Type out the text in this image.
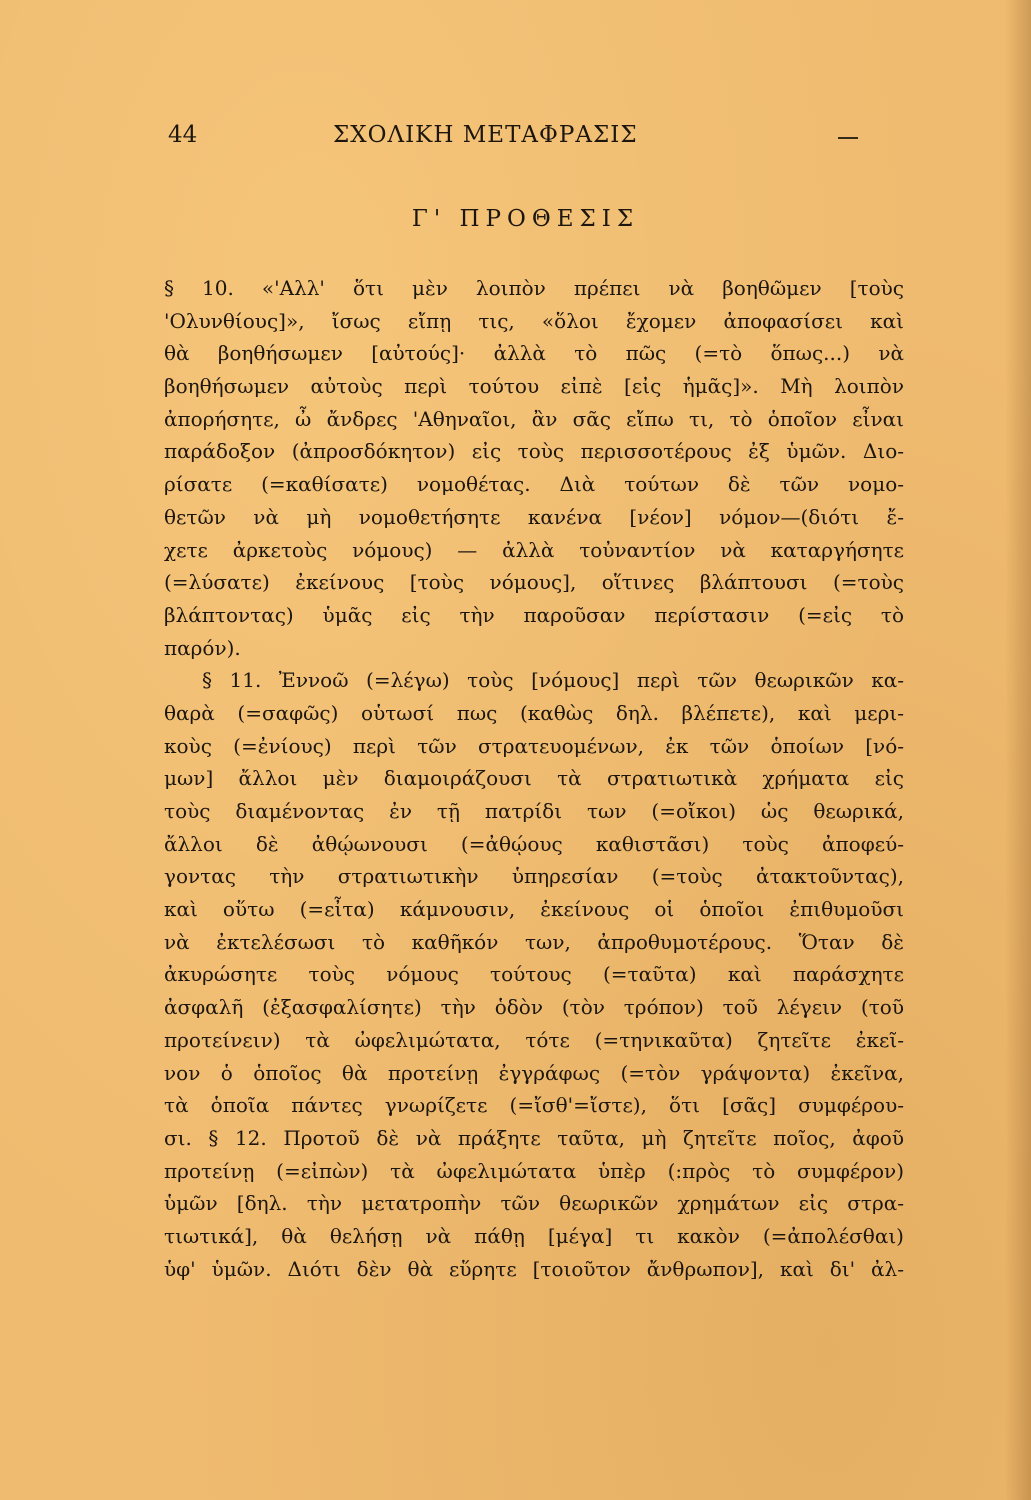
44	ΣΧΟΛΙΚΗ ΜΕΤΑΦΡΑΣΙΣ
Γ' ΠΡΟΘΕΣΙΣ
§ 10. «'Αλλ' ὅτι μὲν λοιπὸν πρέπει νὰ βοηθῶμεν [τοὺς
'Ολυνθίους]», ἴσως εἴπῃ τις, «ὅλοι ἔχομεν ἀποφασίσει καὶ
θὰ βοηθήσωμεν [αὐτούς]· ἀλλὰ τὸ πῶς (=τὸ ὅπως...) νὰ
βοηθήσωμεν αὐτοὺς περὶ τούτου εἰπὲ [εἰς ἡμᾶς]». Μὴ λοιπὸν
ἀπορήσητε, ὦ ἄνδρες 'Αθηναῖοι, ἂν σᾶς εἴπω τι, τὸ ὁποῖον εἶναι
παράδοξον (ἀπροσδόκητον) εἰς τοὺς περισσοτέρους ἐξ ὑμῶν. Διο-
ρίσατε (=καθίσατε) νομοθέτας. Διὰ τούτων δὲ τῶν νομο-
θετῶν νὰ μὴ νομοθετήσητε κανένα [νέον] νόμον—(διότι ἔ-
χετε ἀρκετοὺς νόμους) — ἀλλὰ τοὐναντίον νὰ καταργήσητε
(=λύσατε) ἐκείνους [τοὺς νόμους], οἵτινες βλάπτουσι (=τοὺς
βλάπτοντας) ὑμᾶς εἰς τὴν παροῦσαν περίστασιν (=εἰς τὸ
παρόν).
§ 11. Ἐννοῶ (=λέγω) τοὺς [νόμους] περὶ τῶν θεωρικῶν κα-
θαρὰ (=σαφῶς) οὑτωσί πως (καθὼς δηλ. βλέπετε), καὶ μερι-
κοὺς (=ἐνίους) περὶ τῶν στρατευομένων, ἐκ τῶν ὁποίων [νό-
μων] ἄλλοι μὲν διαμοιράζουσι τὰ στρατιωτικὰ χρήματα εἰς
τοὺς διαμένοντας ἐν τῇ πατρίδι των (=οἴκοι) ὡς θεωρικά,
ἄλλοι δὲ ἀθῴωνουσι (=ἀθῴους καθιστᾶσι) τοὺς ἀποφεύ-
γοντας τὴν στρατιωτικὴν ὑπηρεσίαν (=τοὺς ἀτακτοῦντας),
καὶ οὕτω (=εἶτα) κάμνουσιν, ἐκείνους οἱ ὁποῖοι ἐπιθυμοῦσι
νὰ ἐκτελέσωσι τὸ καθῆκόν των, ἀπροθυμοτέρους. Ὅταν δὲ
ἀκυρώσητε τοὺς νόμους τούτους (=ταῦτα) καὶ παράσχητε
ἀσφαλῆ (ἐξασφαλίσητε) τὴν ὁδὸν (τὸν τρόπον) τοῦ λέγειν (τοῦ
προτείνειν) τὰ ὠφελιμώτατα, τότε (=τηνικαῦτα) ζητεῖτε ἐκεῖ-
νον ὁ ὁποῖος θὰ προτείνῃ ἐγγράφως (=τὸν γράψοντα) ἐκεῖνα,
τὰ ὁποῖα πάντες γνωρίζετε (=ἴσθ'=ἴστε), ὅτι [σᾶς] συμφέρου-
σι. § 12. Προτοῦ δὲ νὰ πράξητε ταῦτα, μὴ ζητεῖτε ποῖος, ἀφοῦ
προτείνῃ (=εἰπὼν) τὰ ὠφελιμώτατα ὑπὲρ (:πρὸς τὸ συμφέρον)
ὑμῶν [δηλ. τὴν μετατροπὴν τῶν θεωρικῶν χρημάτων εἰς στρα-
τιωτικά], θὰ θελήσῃ νὰ πάθῃ [μέγα] τι κακὸν (=ἀπολέσθαι)
ὑφ' ὑμῶν. Διότι δὲν θὰ εὕρητε [τοιοῦτον ἄνθρωπον], καὶ δι' ἀλ-
